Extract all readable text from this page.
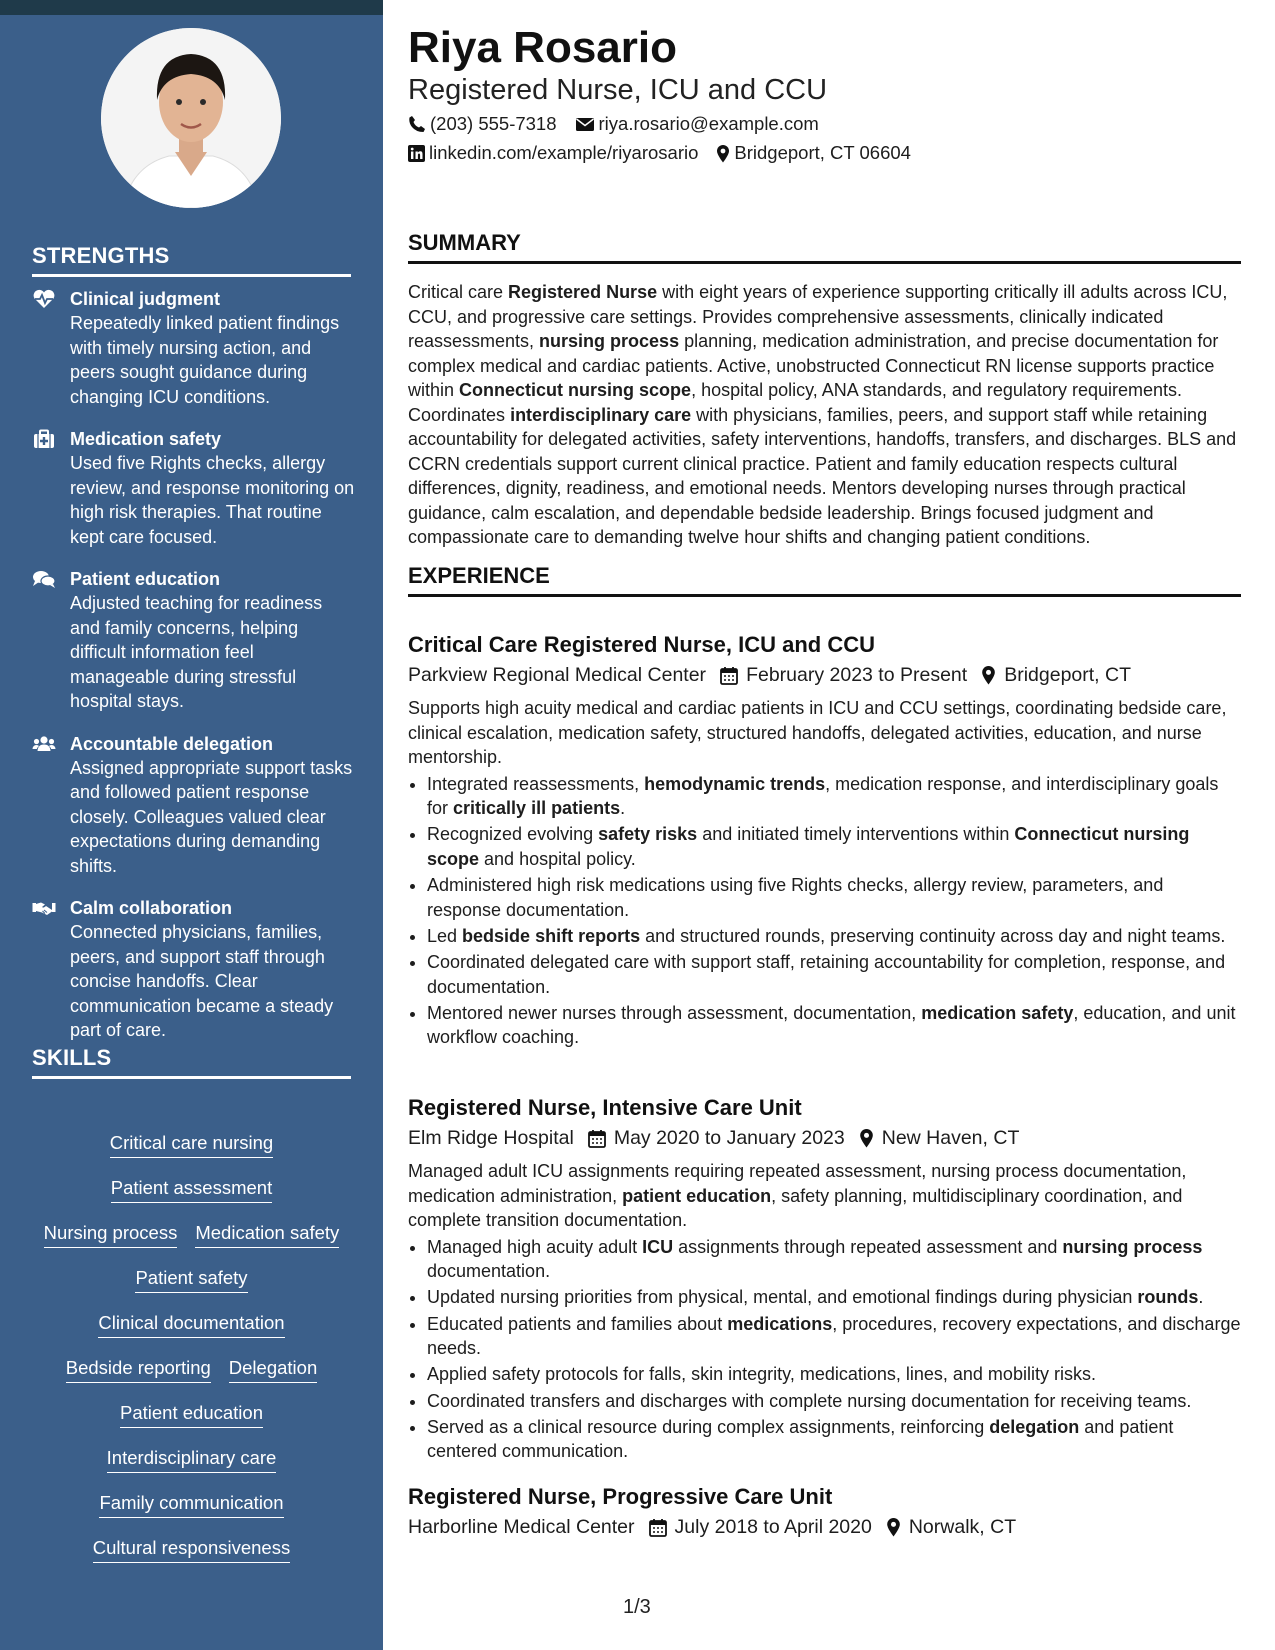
STRENGTHS
Clinical judgment
Repeatedly linked patient findings with timely nursing action, and peers sought guidance during changing ICU conditions.
Medication safety
Used five Rights checks, allergy review, and response monitoring on high risk therapies. That routine kept care focused.
Patient education
Adjusted teaching for readiness and family concerns, helping difficult information feel manageable during stressful hospital stays.
Accountable delegation
Assigned appropriate support tasks and followed patient response closely. Colleagues valued clear expectations during demanding shifts.
Calm collaboration
Connected physicians, families, peers, and support staff through concise handoffs. Clear communication became a steady part of care.
SKILLS
Critical care nursing
Patient assessment
Nursing process Medication safety
Patient safety
Clinical documentation
Bedside reporting Delegation
Patient education
Interdisciplinary care
Family communication
Cultural responsiveness
Riya Rosario
Registered Nurse, ICU and CCU
(203) 555-7318 riya.rosario@example.com
linkedin.com/example/riyarosario Bridgeport, CT 06604
SUMMARY
Critical care Registered Nurse with eight years of experience supporting critically ill adults across ICU, CCU, and progressive care settings. Provides comprehensive assessments, clinically indicated reassessments, nursing process planning, medication administration, and precise documentation for complex medical and cardiac patients. Active, unobstructed Connecticut RN license supports practice within Connecticut nursing scope, hospital policy, ANA standards, and regulatory requirements. Coordinates interdisciplinary care with physicians, families, peers, and support staff while retaining accountability for delegated activities, safety interventions, handoffs, transfers, and discharges. BLS and CCRN credentials support current clinical practice. Patient and family education respects cultural differences, dignity, readiness, and emotional needs. Mentors developing nurses through practical guidance, calm escalation, and dependable bedside leadership. Brings focused judgment and compassionate care to demanding twelve hour shifts and changing patient conditions.
EXPERIENCE
Critical Care Registered Nurse, ICU and CCU
Parkview Regional Medical Center February 2023 to Present Bridgeport, CT

Supports high acuity medical and cardiac patients in ICU and CCU settings, coordinating bedside care, clinical escalation, medication safety, structured handoffs, delegated activities, education, and nurse mentorship.

• Integrated reassessments, hemodynamic trends, medication response, and interdisciplinary goals for critically ill patients.
• Recognized evolving safety risks and initiated timely interventions within Connecticut nursing scope and hospital policy.
• Administered high risk medications using five Rights checks, allergy review, parameters, and response documentation.
• Led bedside shift reports and structured rounds, preserving continuity across day and night teams.
• Coordinated delegated care with support staff, retaining accountability for completion, response, and documentation.
• Mentored newer nurses through assessment, documentation, medication safety, education, and unit workflow coaching.
Registered Nurse, Intensive Care Unit
Elm Ridge Hospital May 2020 to January 2023 New Haven, CT

Managed adult ICU assignments requiring repeated assessment, nursing process documentation, medication administration, patient education, safety planning, multidisciplinary coordination, and complete transition documentation.

• Managed high acuity adult ICU assignments through repeated assessment and nursing process documentation.
• Updated nursing priorities from physical, mental, and emotional findings during physician rounds.
• Educated patients and families about medications, procedures, recovery expectations, and discharge needs.
• Applied safety protocols for falls, skin integrity, medications, lines, and mobility risks.
• Coordinated transfers and discharges with complete nursing documentation for receiving teams.
• Served as a clinical resource during complex assignments, reinforcing delegation and patient centered communication.
Registered Nurse, Progressive Care Unit
Harborline Medical Center July 2018 to April 2020 Norwalk, CT
1/3
